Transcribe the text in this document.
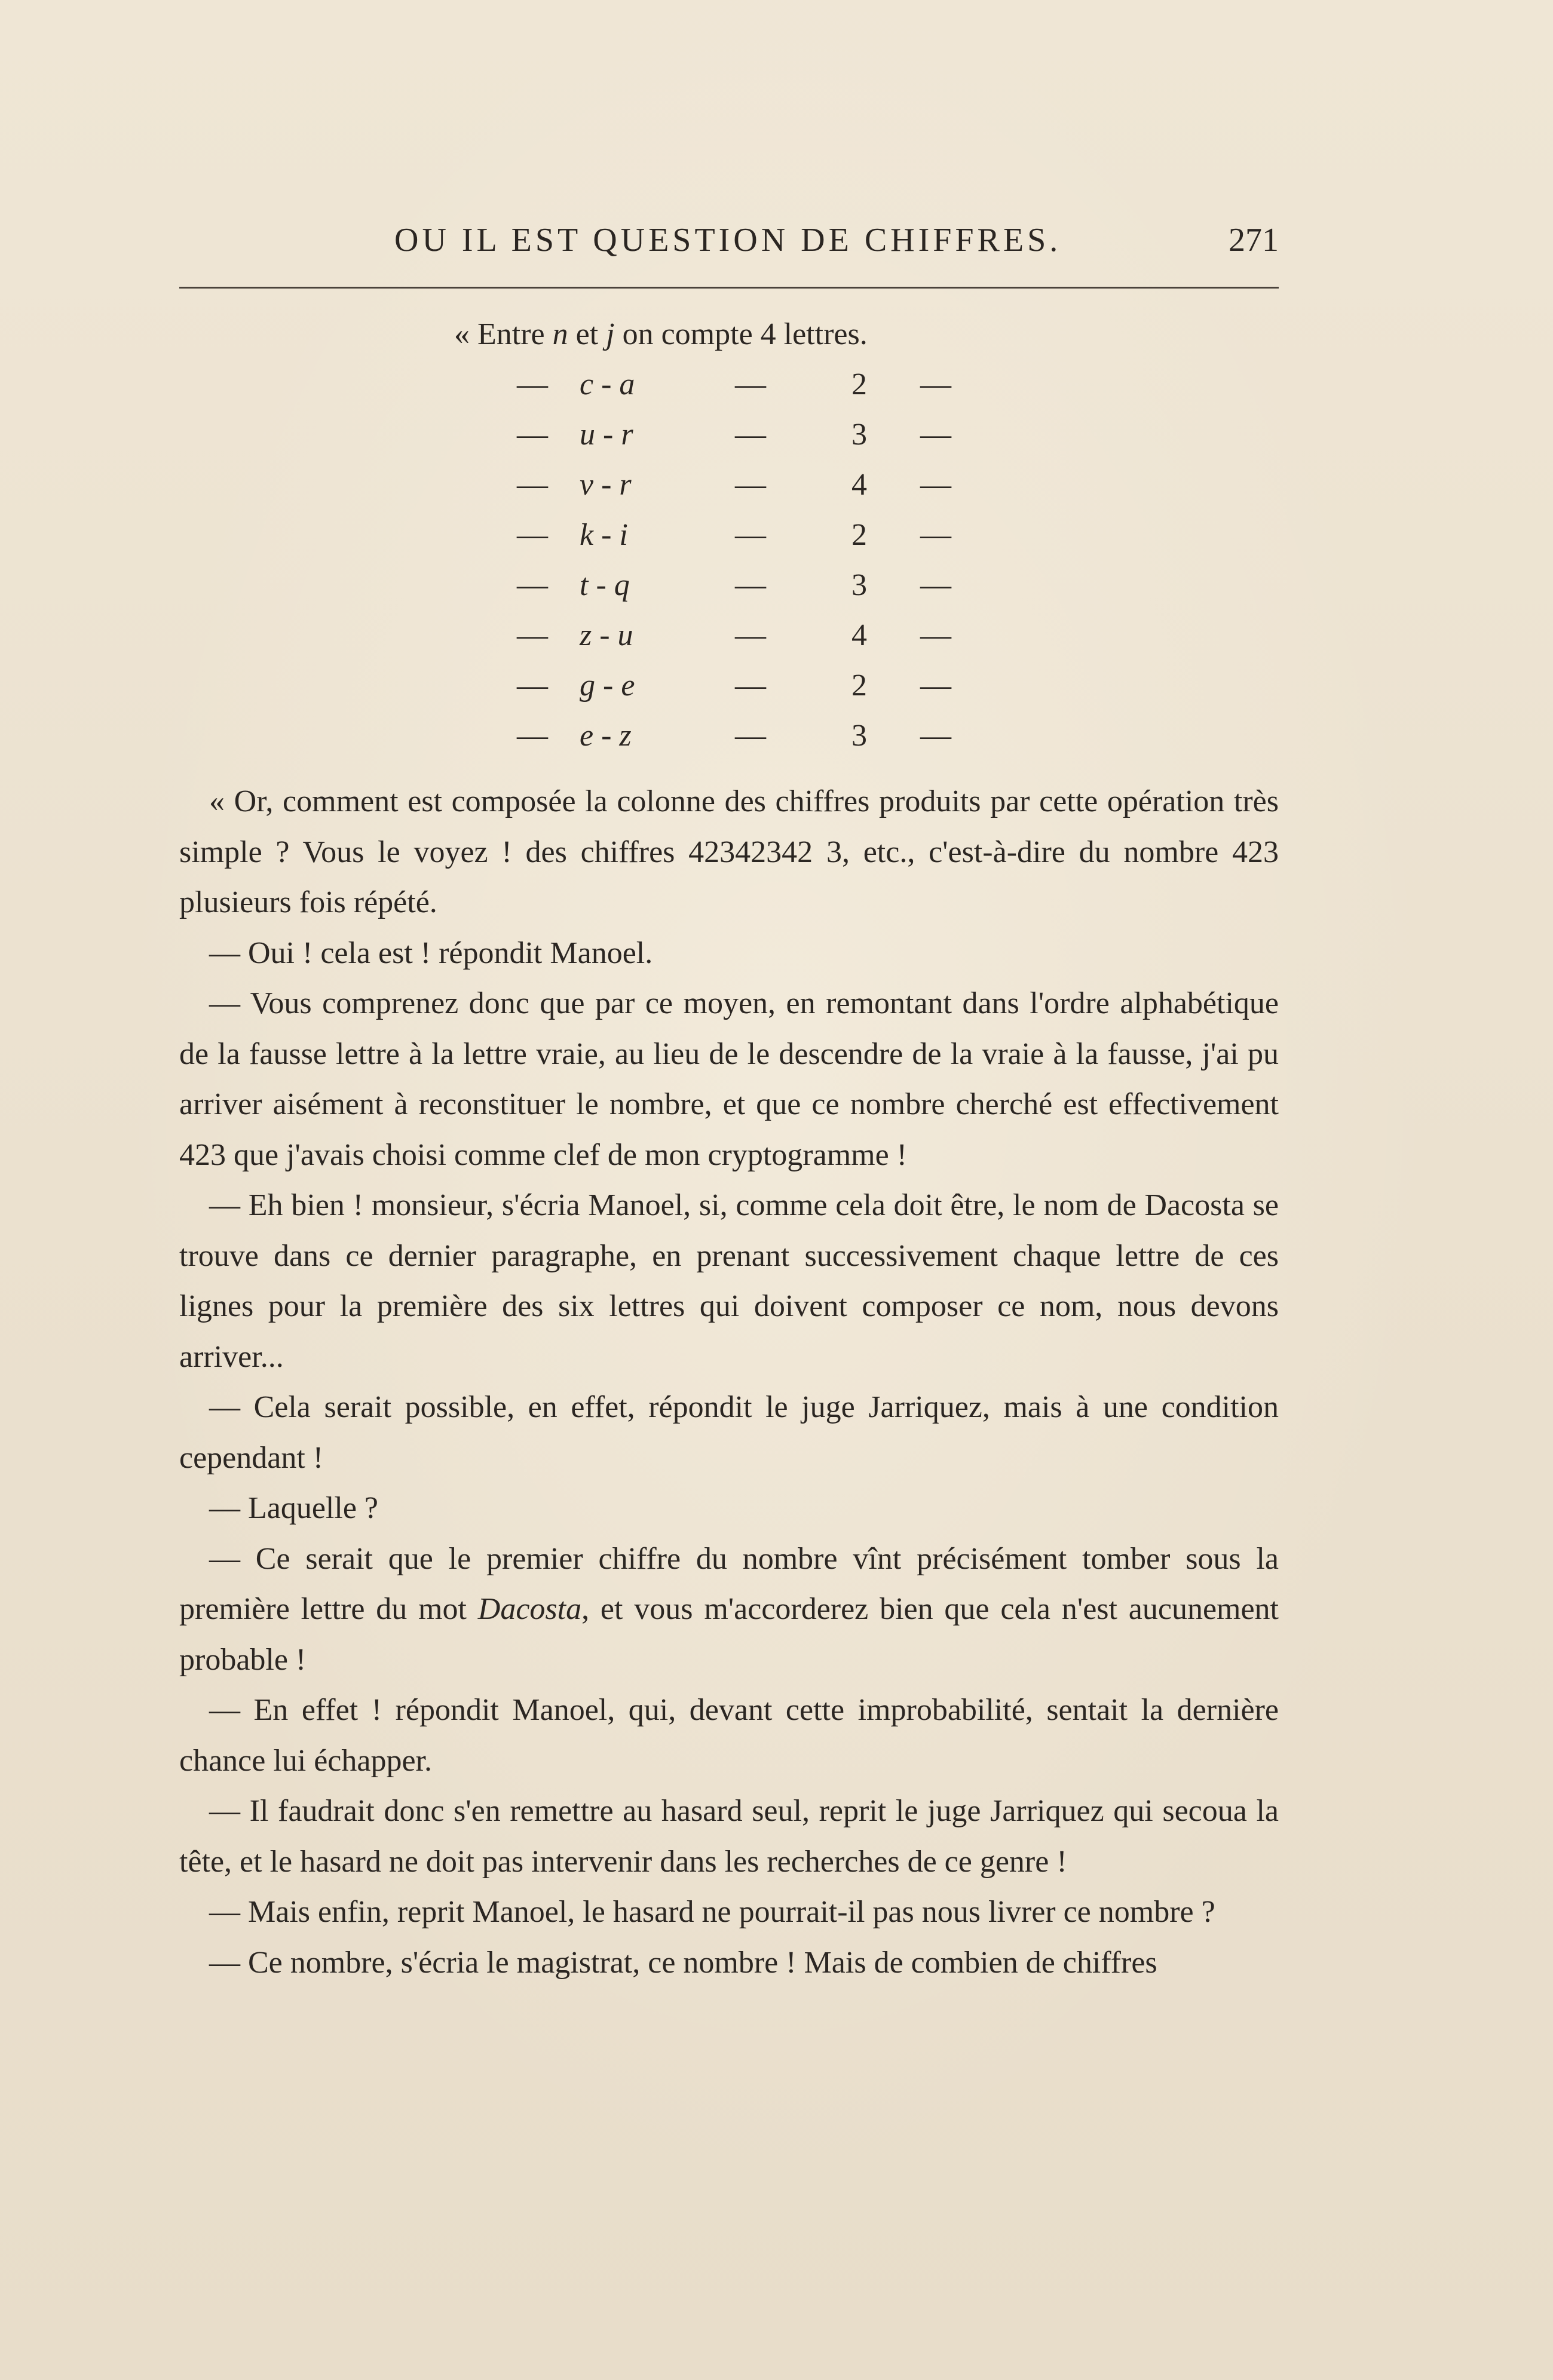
OU IL EST QUESTION DE CHIFFRES.	271
« Entre n et j on compte 4 lettres.
— c - a	—	2 —
— u - r	—	3 —
— v - r	—	4 —
— k - i	—	2 —
— t - q	—	3 —
— z - u	—	4 —
— g - e	—	2 —
— e - z	—	3 —

« Or, comment est composée la colonne des chiffres produits par cette opération très simple ? Vous le voyez ! des chiffres 42342342 3, etc., c'est-à-dire du nombre 423 plusieurs fois répété.

— Oui ! cela est ! répondit Manoel.

— Vous comprenez donc que par ce moyen, en remontant dans l'ordre alphabétique de la fausse lettre à la lettre vraie, au lieu de le descendre de la vraie à la fausse, j'ai pu arriver aisément à reconstituer le nombre, et que ce nombre cherché est effectivement 423 que j'avais choisi comme clef de mon cryptogramme !

— Eh bien ! monsieur, s'écria Manoel, si, comme cela doit être, le nom de Dacosta se trouve dans ce dernier paragraphe, en prenant successivement chaque lettre de ces lignes pour la première des six lettres qui doivent composer ce nom, nous devons arriver...

— Cela serait possible, en effet, répondit le juge Jarriquez, mais à une condition cependant !

— Laquelle ?

— Ce serait que le premier chiffre du nombre vînt précisément tomber sous la première lettre du mot Dacosta, et vous m'accorderez bien que cela n'est aucunement probable !

— En effet ! répondit Manoel, qui, devant cette improbabilité, sentait la dernière chance lui échapper.

— Il faudrait donc s'en remettre au hasard seul, reprit le juge Jarriquez qui secoua la tête, et le hasard ne doit pas intervenir dans les recherches de ce genre !

— Mais enfin, reprit Manoel, le hasard ne pourrait-il pas nous livrer ce nombre ?

— Ce nombre, s'écria le magistrat, ce nombre ! Mais de combien de chiffres
